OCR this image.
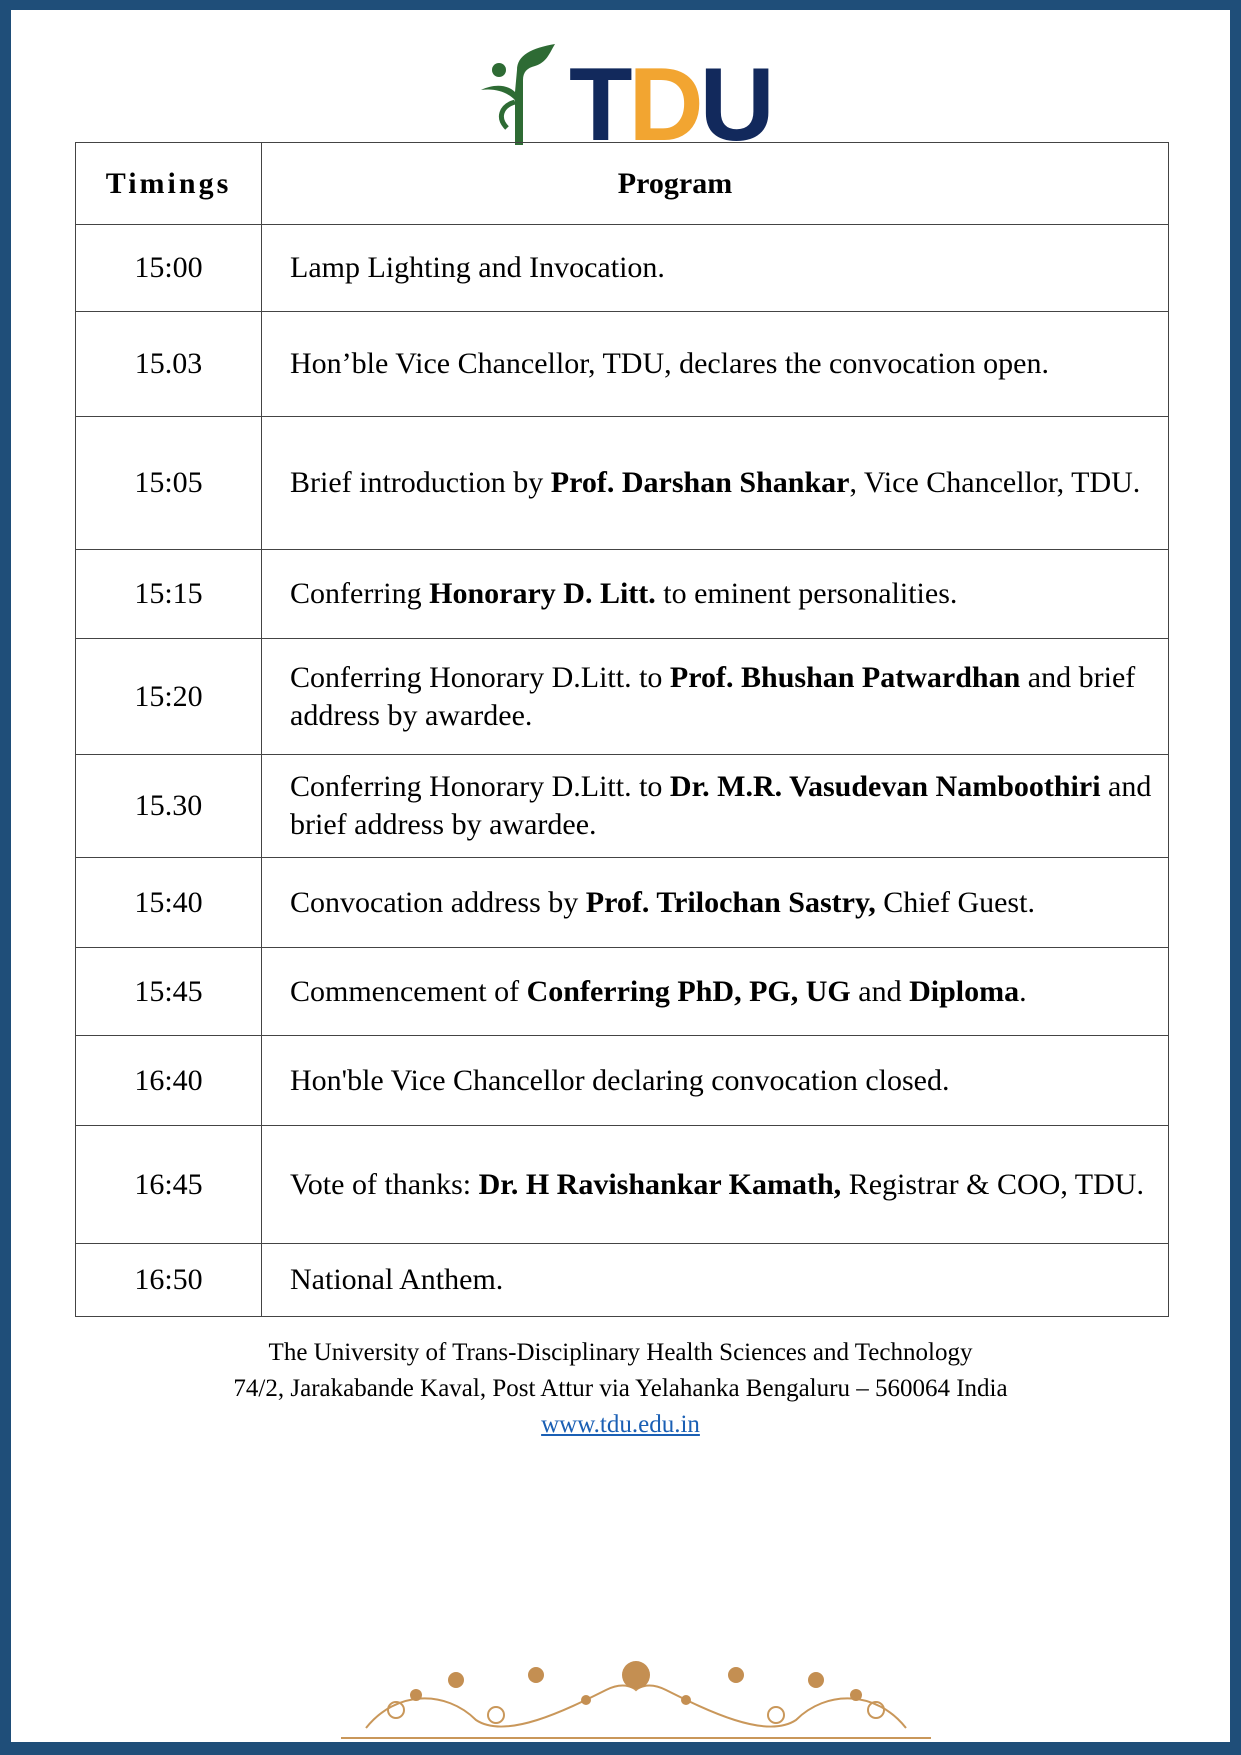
TDU
Timings	Program
15:00	Lamp Lighting and Invocation.
15.03	Hon’ble Vice Chancellor, TDU, declares the convocation open.
15:05	Brief introduction by Prof. Darshan Shankar, Vice Chancellor, TDU.
15:15	Conferring Honorary D. Litt. to eminent personalities.
15:20	Conferring Honorary D.Litt. to Prof. Bhushan Patwardhan and brief address by awardee.
15.30	Conferring Honorary D.Litt. to Dr. M.R. Vasudevan Namboothiri and brief address by awardee.
15:40	Convocation address by Prof. Trilochan Sastry, Chief Guest.
15:45	Commencement of Conferring PhD, PG, UG and Diploma.
16:40	Hon'ble Vice Chancellor declaring convocation closed.
16:45	Vote of thanks: Dr. H Ravishankar Kamath, Registrar & COO, TDU.
16:50	National Anthem.
The University of Trans-Disciplinary Health Sciences and Technology
74/2, Jarakabande Kaval, Post Attur via Yelahanka Bengaluru – 560064 India
www.tdu.edu.in
